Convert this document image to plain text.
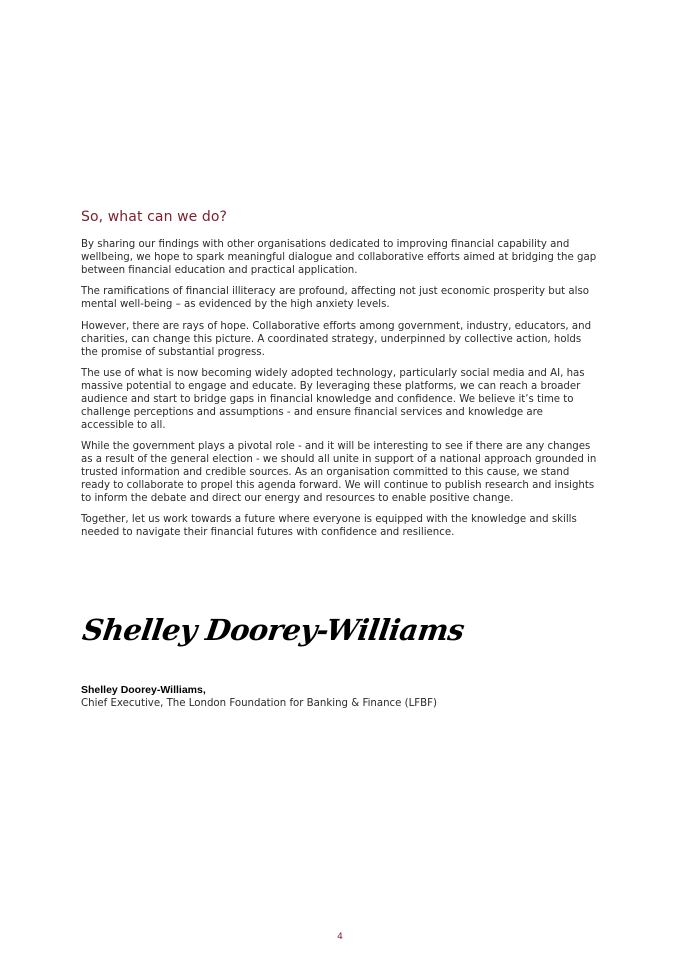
So, what can we do?

By sharing our findings with other organisations dedicated to improving financial capability and wellbeing, we hope to spark meaningful dialogue and collaborative efforts aimed at bridging the gap between financial education and practical application.

The ramifications of financial illiteracy are profound, affecting not just economic prosperity but also mental well-being – as evidenced by the high anxiety levels.

However, there are rays of hope. Collaborative efforts among government, industry, educators, and charities, can change this picture. A coordinated strategy, underpinned by collective action, holds the promise of substantial progress.

The use of what is now becoming widely adopted technology, particularly social media and AI, has massive potential to engage and educate. By leveraging these platforms, we can reach a broader audience and start to bridge gaps in financial knowledge and confidence. We believe it’s time to challenge perceptions and assumptions - and ensure financial services and knowledge are accessible to all.

While the government plays a pivotal role - and it will be interesting to see if there are any changes as a result of the general election - we should all unite in support of a national approach grounded in trusted information and credible sources. As an organisation committed to this cause, we stand ready to collaborate to propel this agenda forward. We will continue to publish research and insights to inform the debate and direct our energy and resources to enable positive change.

Together, let us work towards a future where everyone is equipped with the knowledge and skills needed to navigate their financial futures with confidence and resilience.

Shelley Doorey-Williams
Shelley Doorey-Williams,
Chief Executive, The London Foundation for Banking & Finance (LFBF)
4
